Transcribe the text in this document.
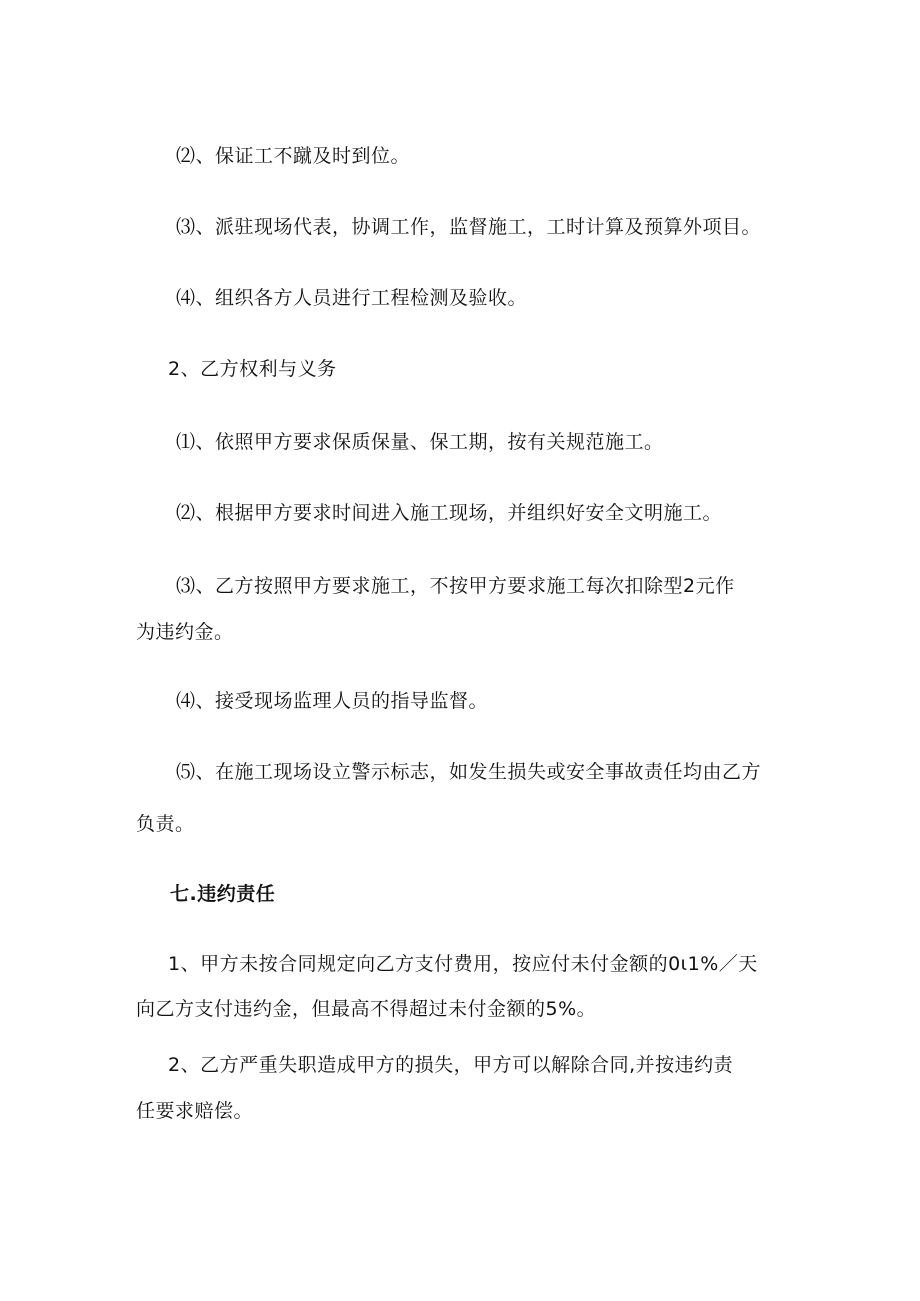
⑵、保证工不蹴及时到位。
⑶、派驻现场代表，协调工作，监督施工，工时计算及预算外项目。
⑷、组织各方人员进行工程检测及验收。
2、乙方权利与义务
⑴、依照甲方要求保质保量、保工期，按有关规范施工。
⑵、根据甲方要求时间进入施工现场，并组织好安全文明施工。
⑶、乙方按照甲方要求施工，不按甲方要求施工每次扣除型2元作
为违约金。
⑷、接受现场监理人员的指导监督。
⑸、在施工现场设立警示标志，如发生损失或安全事故责任均由乙方
负责。
七.违约责任
1、甲方未按合同规定向乙方支付费用，按应付未付金额的0ι1%／天
向乙方支付违约金，但最高不得超过未付金额的5%。
2、乙方严重失职造成甲方的损失，甲方可以解除合同,并按违约责
任要求赔偿。
